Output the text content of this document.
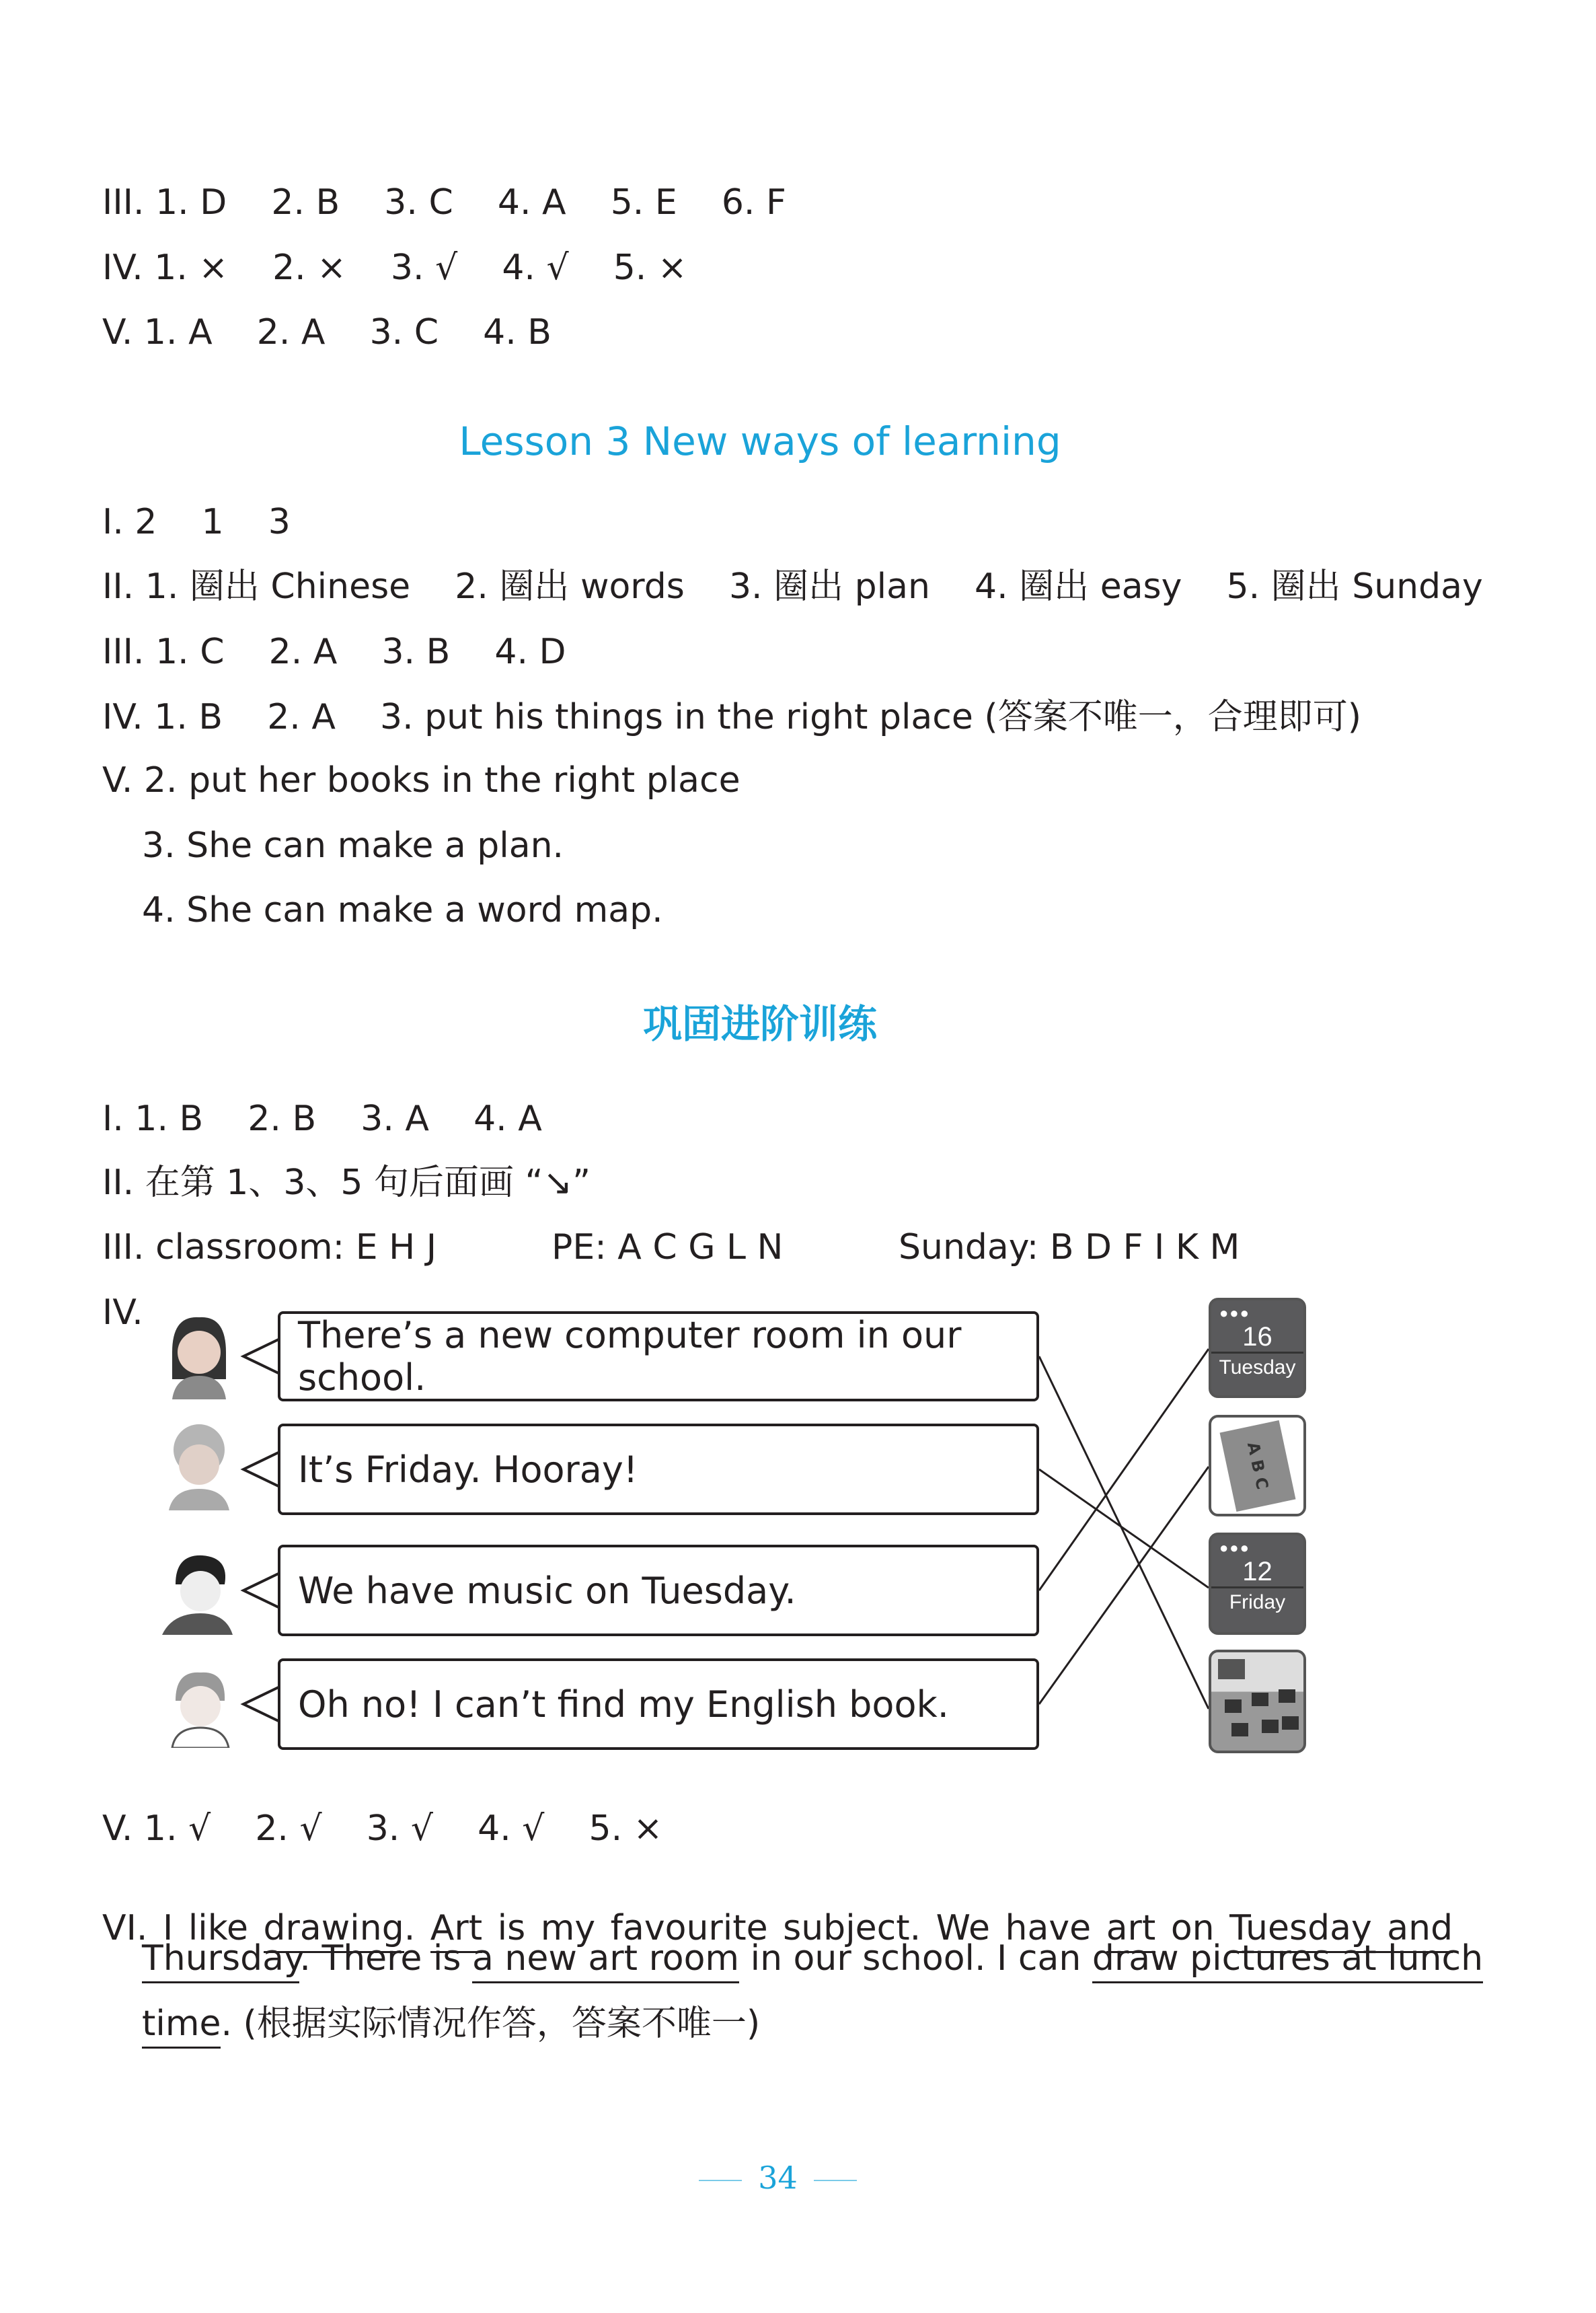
III. 1. D    2. B    3. C    4. A    5. E    6. F
IV. 1. ×    2. ×    3. √    4. √    5. ×
V. 1. A    2. A    3. C    4. B
Lesson 3 New ways of learning
I. 2    1    3
II. 1. 圈出 Chinese    2. 圈出 words    3. 圈出 plan    4. 圈出 easy    5. 圈出 Sunday
III. 1. C    2. A    3. B    4. D
IV. 1. B    2. A    3. put his things in the right place (答案不唯一，合理即可)
V. 2. put her books in the right place
3. She can make a plan.
4. She can make a word map.
巩固进阶训练
I. 1. B    2. B    3. A    4. A
II. 在第 1、3、5 句后面画 “↘”
III. classroom: E H J	PE: A C G L N	Sunday: B D F I K M
IV.
There’s a new computer room in our school.
It’s Friday. Hooray!
We have music on Tuesday.
Oh no! I can’t find my English book.
●●●
16
Tuesday
A B C
●●●
12
Friday
V. 1. √    2. √    3. √    4. √    5. ×

VI. I like drawing. Art is my favourite subject. We have art on Tuesday and
Thursday. There is a new art room in our school. I can draw pictures at lunch
time. (根据实际情况作答，答案不唯一)
34
